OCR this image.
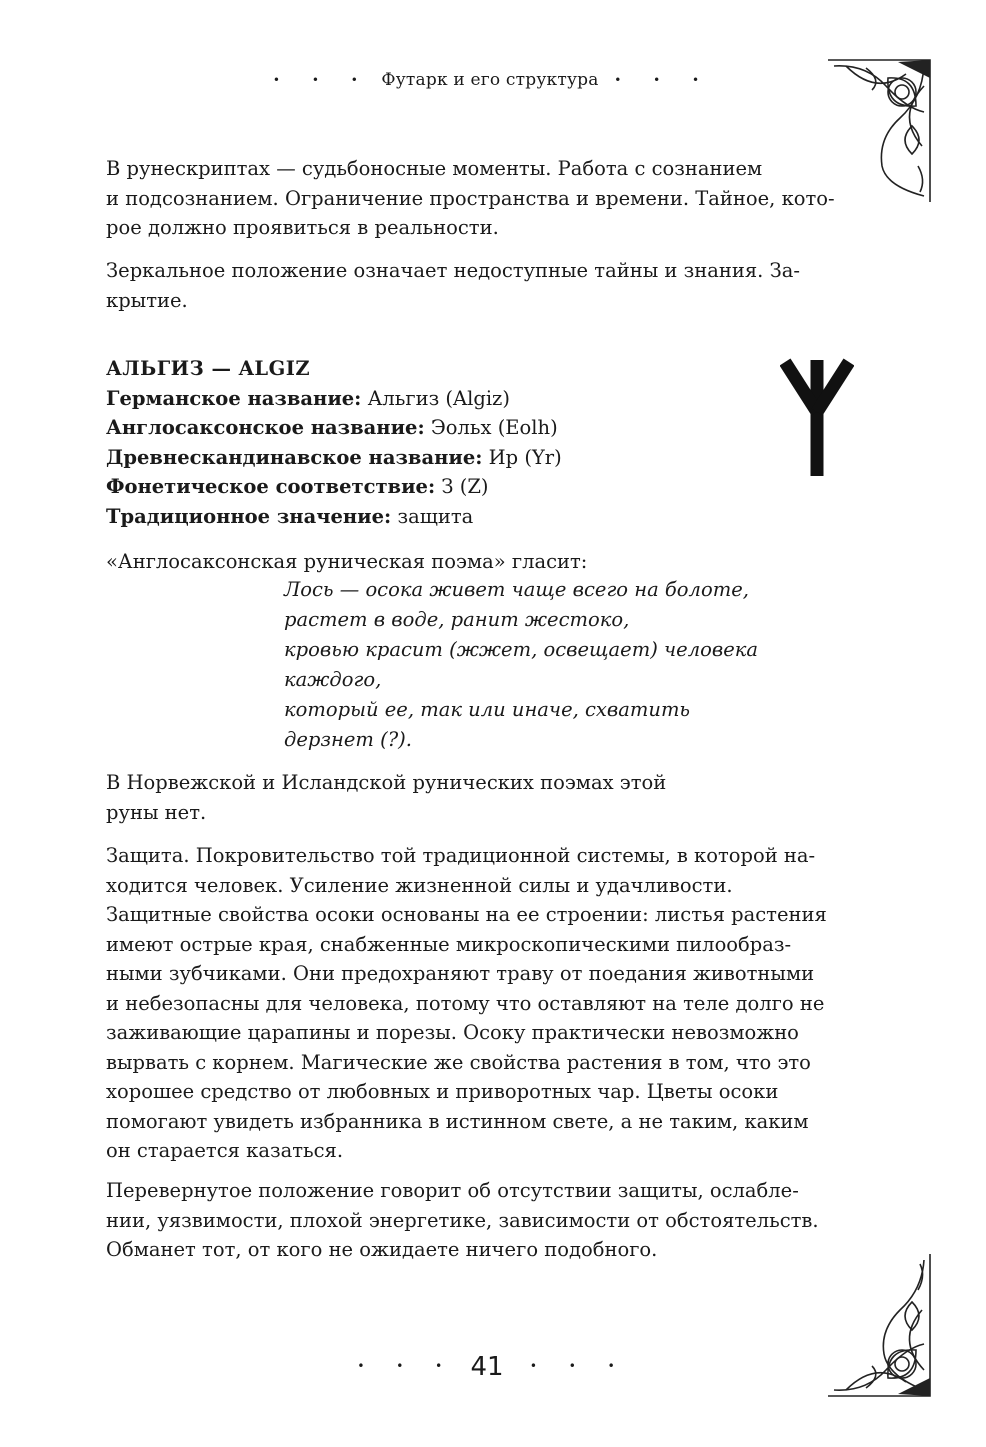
• • • Футарк и его структура • • •
В рунескриптах — судьбоносные моменты. Работа с сознанием
и подсознанием. Ограничение пространства и времени. Тайное, кото-
рое должно проявиться в реальности.
Зеркальное положение означает недоступные тайны и знания. За-
крытие.
АЛЬГИЗ — ALGIZ
Германское название: Альгиз (Algiz)
Англосаксонское название: Эольх (Eolh)
Древнескандинавское название: Ир (Yr)
Фонетическое соответствие: З (Z)
Традиционное значение: защита
«Англосаксонская руническая поэма» гласит:
Лось — осока живет чаще всего на болоте,
растет в воде, ранит жестоко,
кровью красит (жжет, освещает) человека
каждого,
который ее, так или иначе, схватить
дерзнет (?).
В Норвежской и Исландской рунических поэмах этой
руны нет.
Защита. Покровительство той традиционной системы, в которой на-
ходится человек. Усиление жизненной силы и удачливости.
Защитные свойства осоки основаны на ее строении: листья растения
имеют острые края, снабженные микроскопическими пилообраз-
ными зубчиками. Они предохраняют траву от поедания животными
и небезопасны для человека, потому что оставляют на теле долго не
заживающие царапины и порезы. Осоку практически невозможно
вырвать с корнем. Магические же свойства растения в том, что это
хорошее средство от любовных и приворотных чар. Цветы осоки
помогают увидеть избранника в истинном свете, а не таким, каким
он старается казаться.
Перевернутое положение говорит об отсутствии защиты, ослабле-
нии, уязвимости, плохой энергетике, зависимости от обстоятельств.
Обманет тот, от кого не ожидаете ничего подобного.
• • • 41 • • •
